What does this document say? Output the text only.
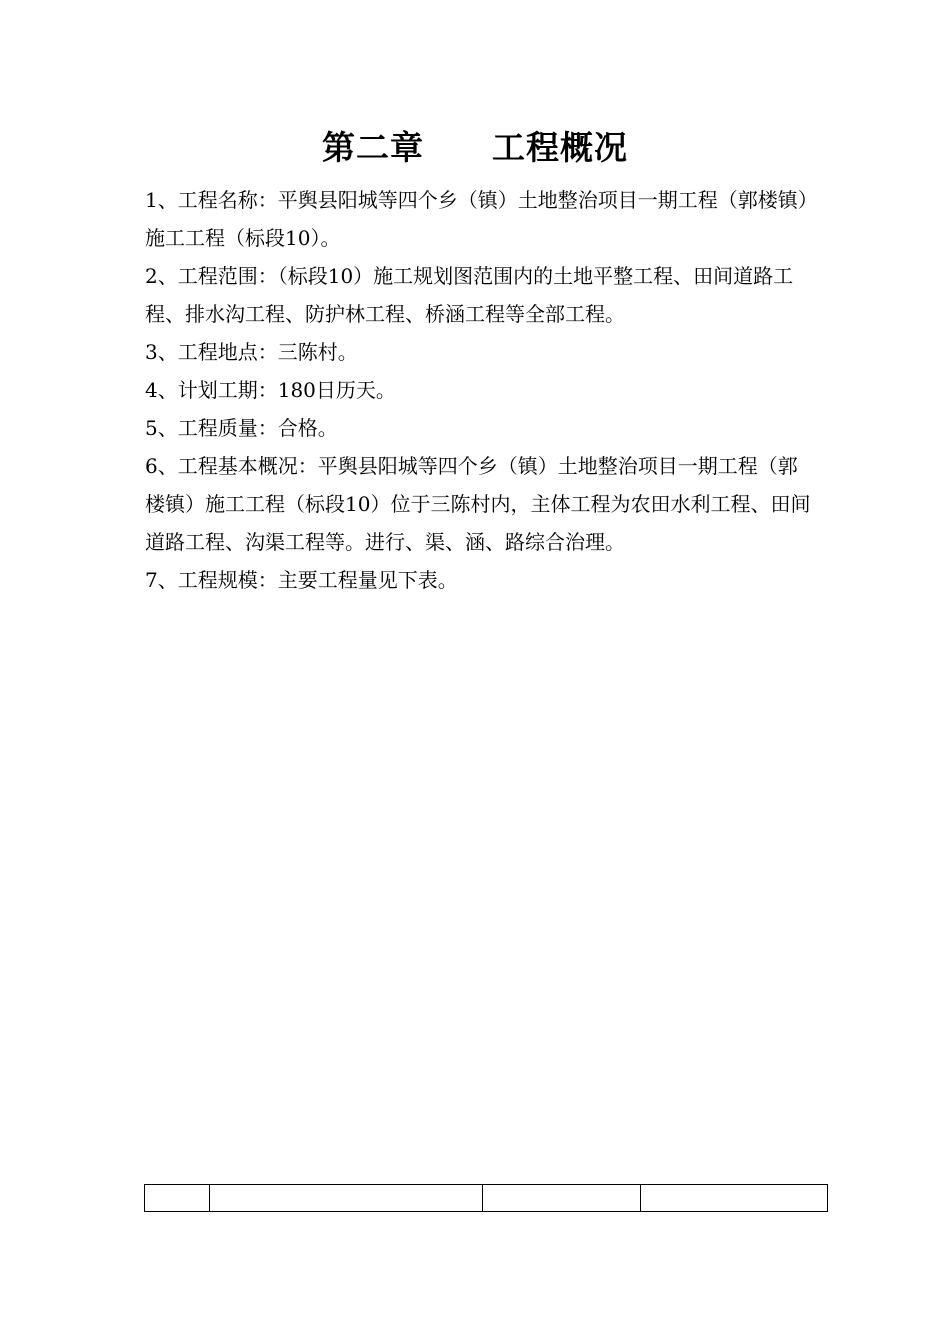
第二章　　工程概况

1、工程名称：平舆县阳城等四个乡（镇）土地整治项目一期工程（郭楼镇）施工工程（标段10）。

2、工程范围：（标段10）施工规划图范围内的土地平整工程、田间道路工程、排水沟工程、防护林工程、桥涵工程等全部工程。

3、工程地点：三陈村。

4、计划工期：180日历天。

5、工程质量：合格。

6、工程基本概况：平舆县阳城等四个乡（镇）土地整治项目一期工程（郭楼镇）施工工程（标段10）位于三陈村内，主体工程为农田水利工程、田间道路工程、沟渠工程等。进行、渠、涵、路综合治理。

7、工程规模：主要工程量见下表。
